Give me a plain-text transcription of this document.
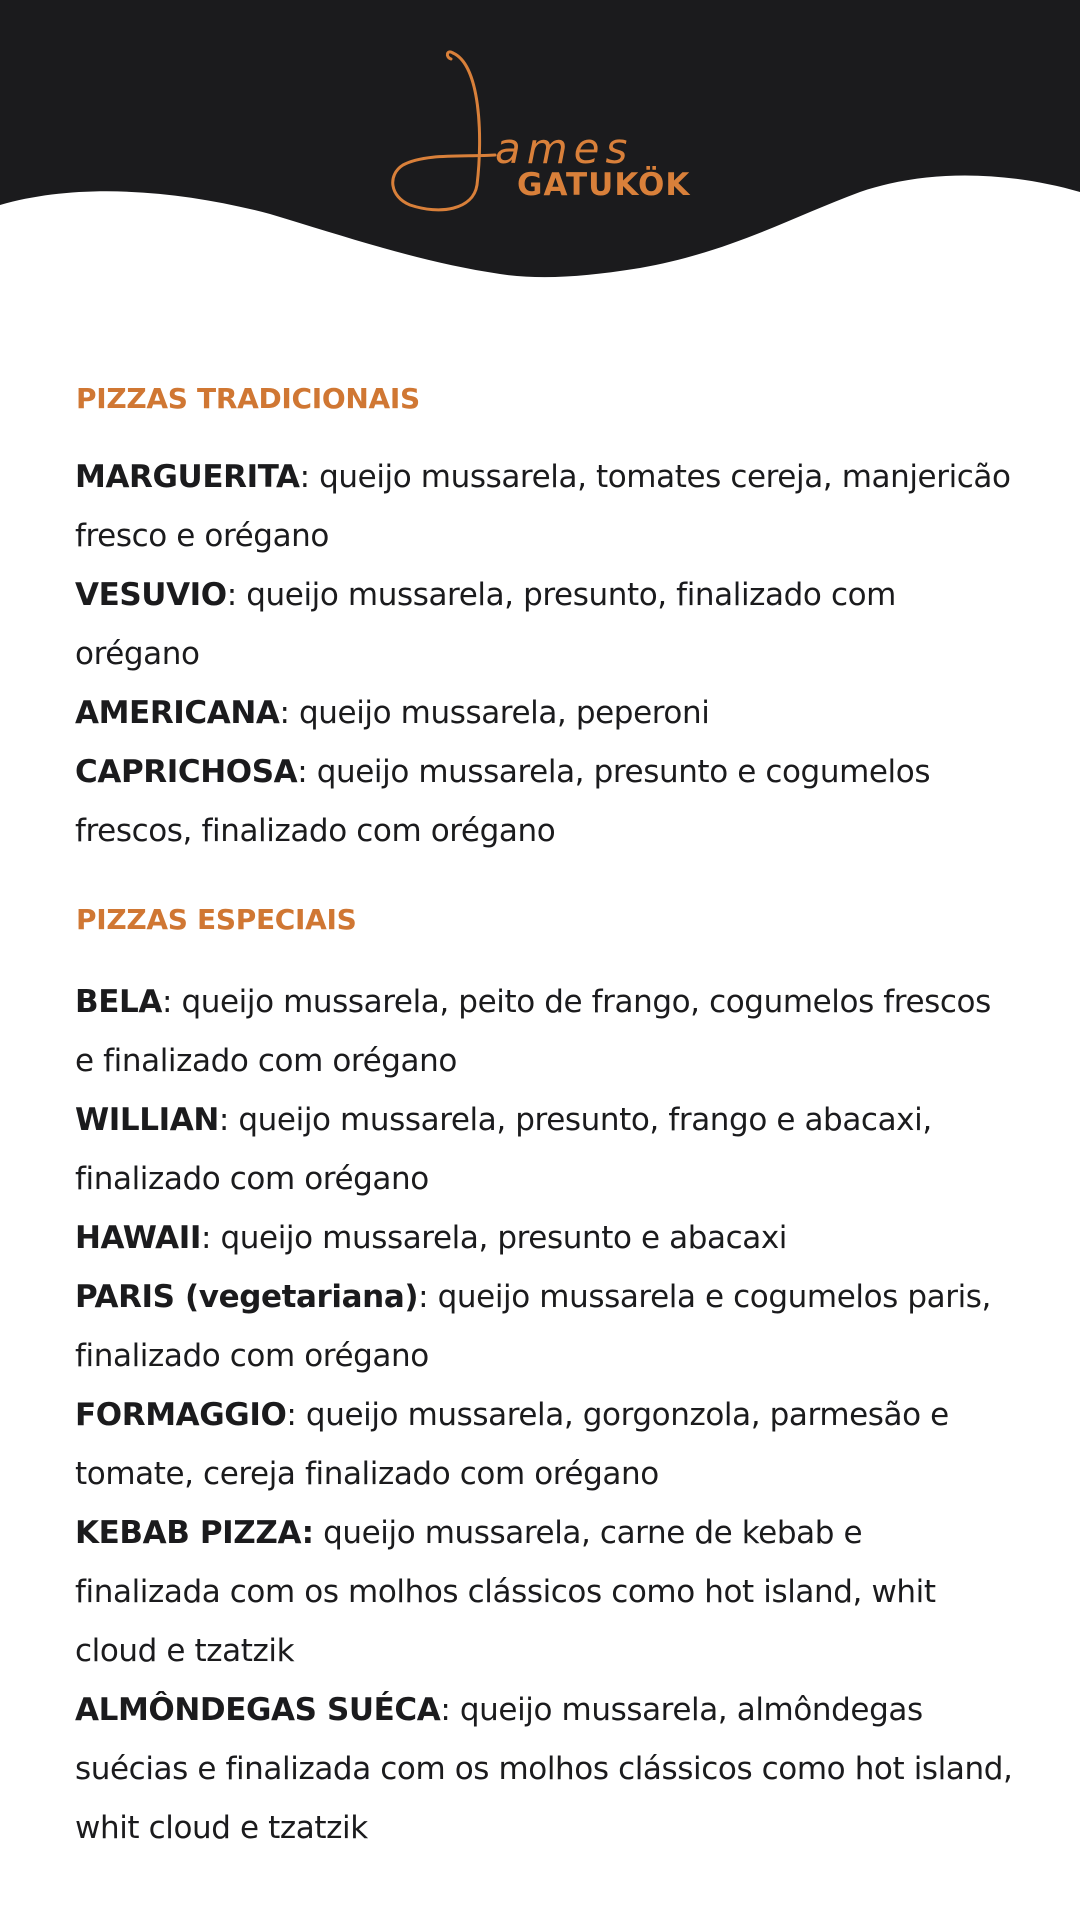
ames
GATUKÖK
PIZZAS TRADICIONAIS

MARGUERITA: queijo mussarela, tomates cereja, manjericão fresco e orégano

VESUVIO: queijo mussarela, presunto, finalizado com orégano

AMERICANA: queijo mussarela, peperoni

CAPRICHOSA: queijo mussarela, presunto e cogumelos frescos, finalizado com orégano

PIZZAS ESPECIAIS

BELA: queijo mussarela, peito de frango, cogumelos frescos e finalizado com orégano

WILLIAN: queijo mussarela, presunto, frango e abacaxi, finalizado com orégano

HAWAII: queijo mussarela, presunto e abacaxi

PARIS (vegetariana): queijo mussarela e cogumelos paris, finalizado com orégano

FORMAGGIO: queijo mussarela, gorgonzola, parmesão e tomate, cereja finalizado com orégano

KEBAB PIZZA: queijo mussarela, carne de kebab e finalizada com os molhos clássicos como hot island, whit cloud e tzatzik

ALMÔNDEGAS SUÉCA: queijo mussarela, almôndegas suécias e finalizada com os molhos clássicos como hot island, whit cloud e tzatzik
